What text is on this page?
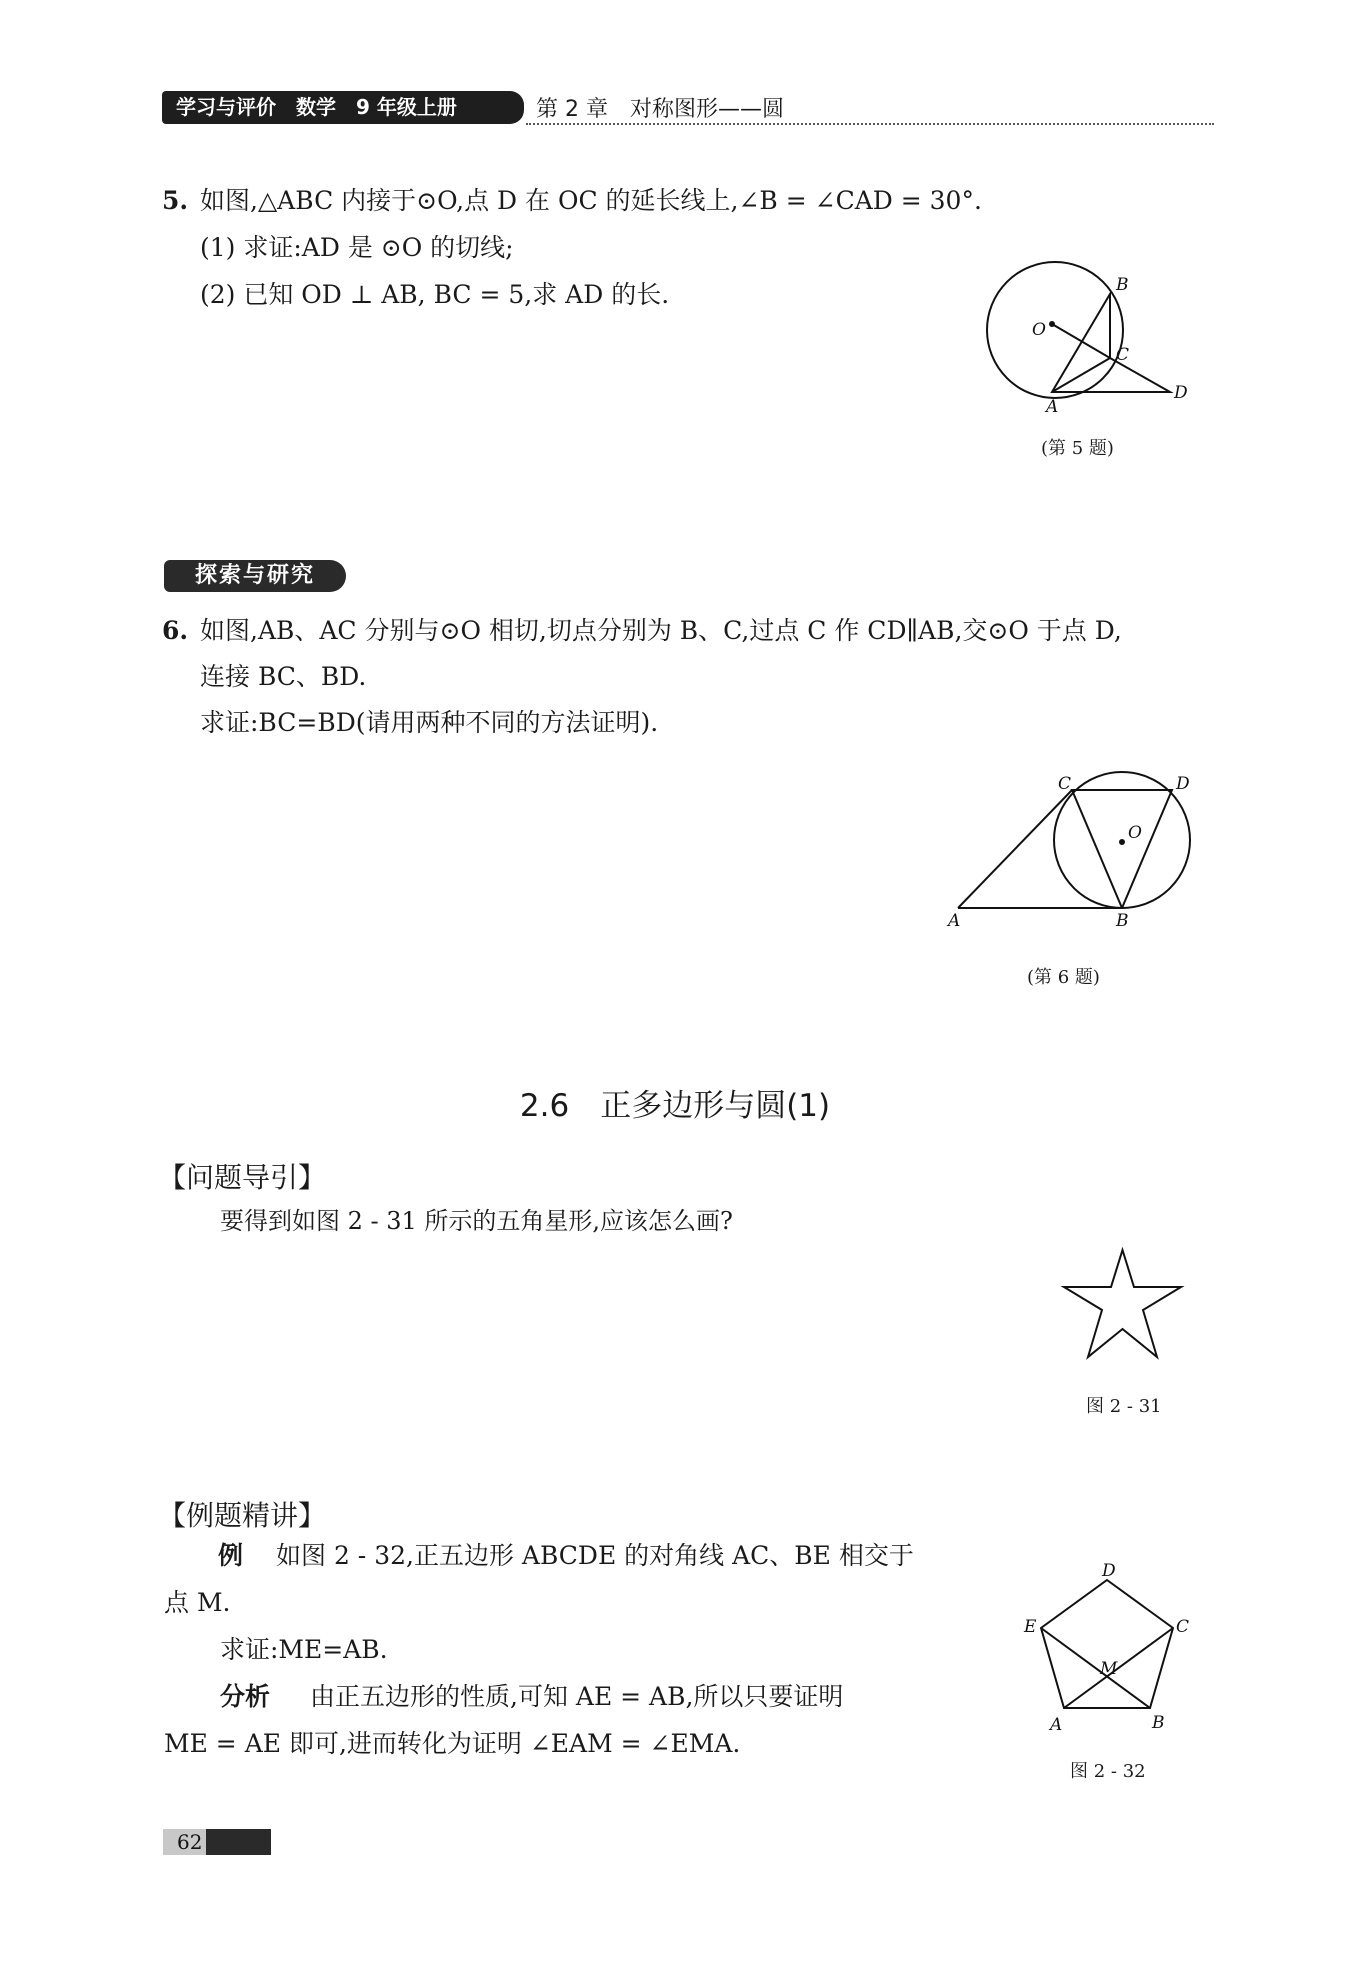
学习与评价　数学　9 年级上册	第 2 章　对称图形——圆
5. 如图,△ABC 内接于⊙O,点 D 在 OC 的延长线上,∠B = ∠CAD = 30°.
(1) 求证:AD 是 ⊙O 的切线;
(2) 已知 OD ⊥ AB, BC = 5,求 AD 的长.
O
B
C
A
D
(第 5 题)
探索与研究
6. 如图,AB、AC 分别与⊙O 相切,切点分别为 B、C,过点 C 作 CD∥AB,交⊙O 于点 D,
连接 BC、BD.
求证:BC=BD(请用两种不同的方法证明).
C	D
O
A	B
(第 6 题)
2.6　正多边形与圆(1)
【问题导引】
要得到如图 2 - 31 所示的五角星形,应该怎么画?
图 2 - 31
【例题精讲】
例 如图 2 - 32,正五边形 ABCDE 的对角线 AC、BE 相交于
点 M.
求证:ME=AB.
分析 由正五边形的性质,可知 AE = AB,所以只要证明
ME = AE 即可,进而转化为证明 ∠EAM = ∠EMA.
D
E	C
M
A	B
图 2 - 32
62
